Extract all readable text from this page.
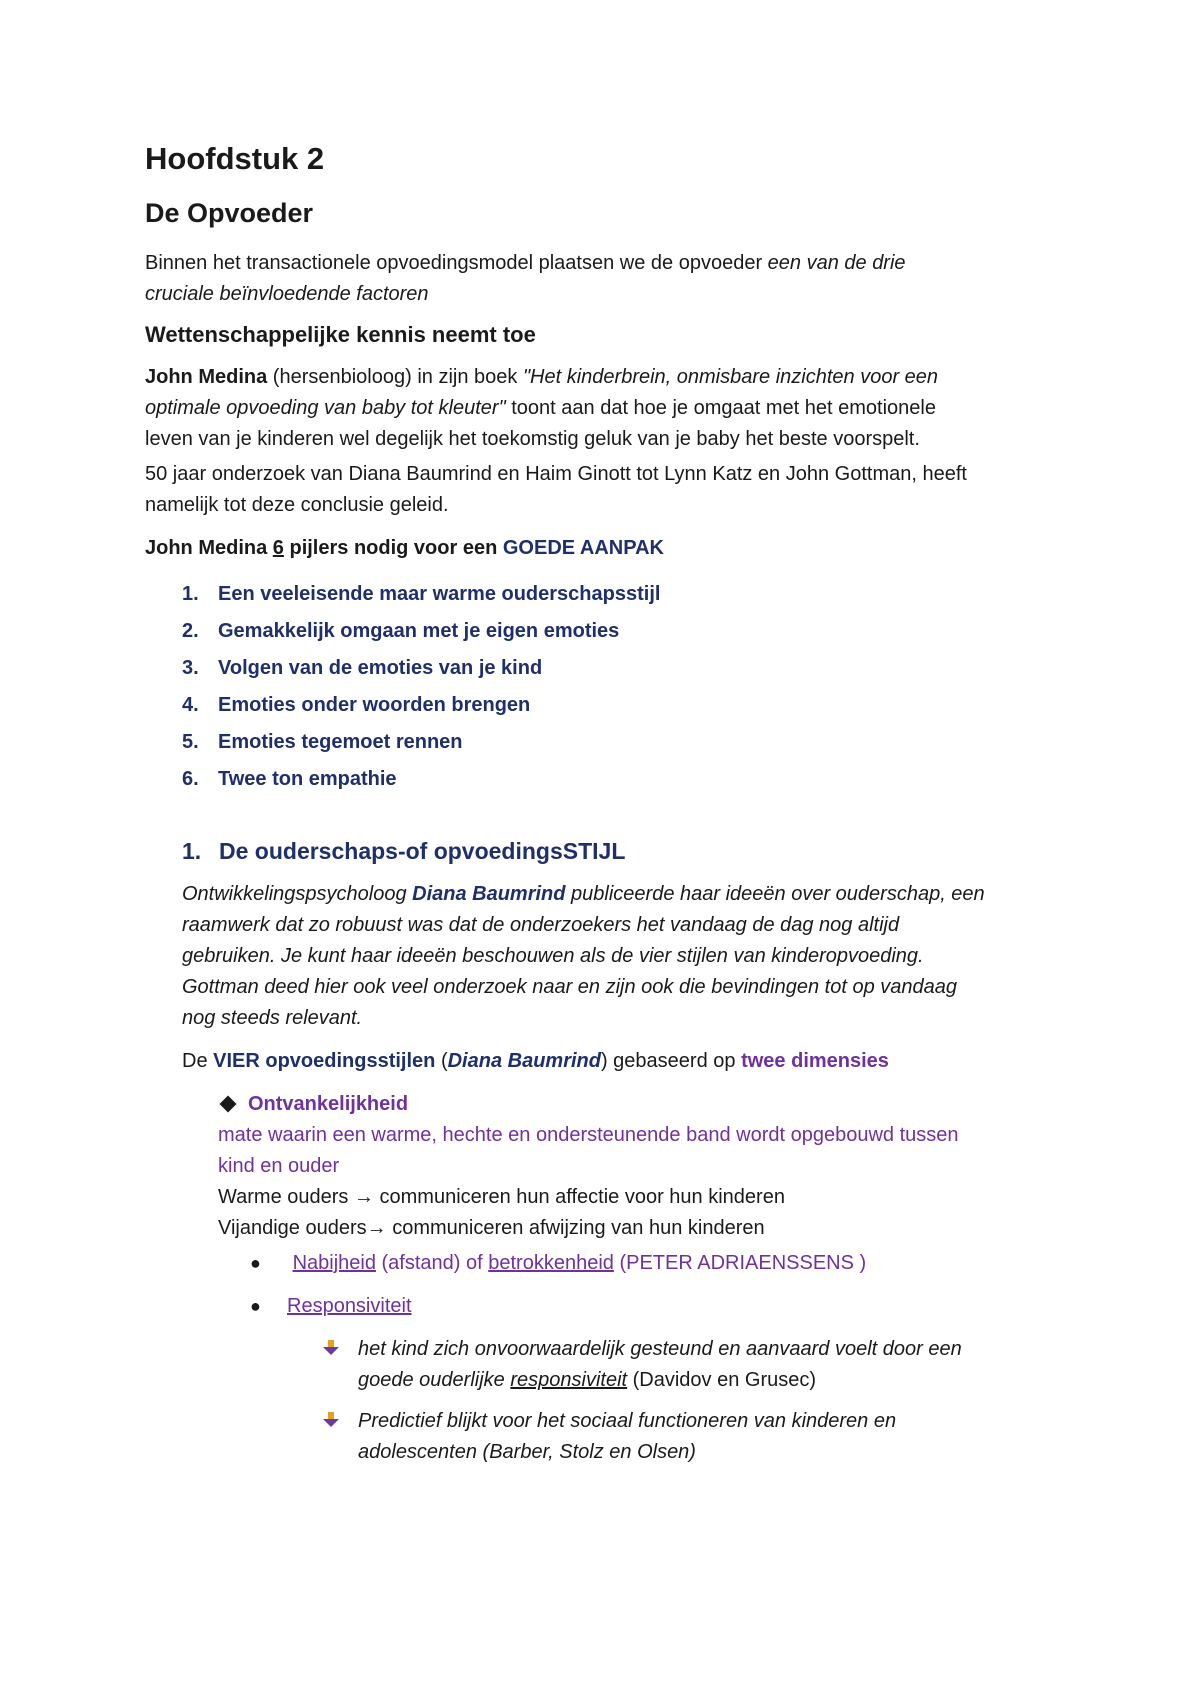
Hoofdstuk 2

De Opvoeder

Binnen het transactionele opvoedingsmodel plaatsen we de opvoeder een van de drie
cruciale beïnvloedende factoren

Wettenschappelijke kennis neemt toe

John Medina (hersenbioloog) in zijn boek "Het kinderbrein, onmisbare inzichten voor een
optimale opvoeding van baby tot kleuter" toont aan dat hoe je omgaat met het emotionele
leven van je kinderen wel degelijk het toekomstig geluk van je baby het beste voorspelt.

50 jaar onderzoek van Diana Baumrind en Haim Ginott tot Lynn Katz en John Gottman, heeft
namelijk tot deze conclusie geleid.

John Medina 6 pijlers nodig voor een GOEDE AANPAK

1. Een veeleisende maar warme ouderschapsstijl
2. Gemakkelijk omgaan met je eigen emoties
3. Volgen van de emoties van je kind
4. Emoties onder woorden brengen
5. Emoties tegemoet rennen
6. Twee ton empathie
1. De ouderschaps-of opvoedingsSTIJL

Ontwikkelingspsycholoog Diana Baumrind publiceerde haar ideeën over ouderschap, een
raamwerk dat zo robuust was dat de onderzoekers het vandaag de dag nog altijd
gebruiken. Je kunt haar ideeën beschouwen als de vier stijlen van kinderopvoeding.
Gottman deed hier ook veel onderzoek naar en zijn ook die bevindingen tot op vandaag
nog steeds relevant.

De VIER opvoedingsstijlen (Diana Baumrind) gebaseerd op twee dimensies

Ontvankelijkheid

mate waarin een warme, hechte en ondersteunende band wordt opgebouwd tussen
kind en ouder

Warme ouders → communiceren hun affectie voor hun kinderen

Vijandige ouders→ communiceren afwijzing van hun kinderen

●	Nabijheid (afstand) of betrokkenheid (PETER ADRIAENSSENS )
●	Responsiviteit
het kind zich onvoorwaardelijk gesteund en aanvaard voelt door een
goede ouderlijke responsiviteit (Davidov en Grusec)
Predictief blijkt voor het sociaal functioneren van kinderen en
adolescenten (Barber, Stolz en Olsen)
